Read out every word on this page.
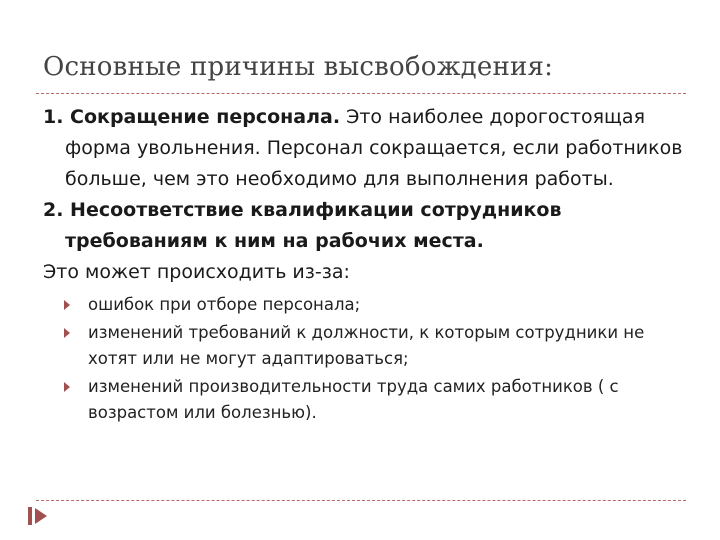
Основные причины высвобождения:

1. Сокращение персонала. Это наиболее дорогостоящая
форма увольнения. Персонал сокращается, если работников больше, чем это необходимо для выполнения работы.

2. Несоответствие квалификации сотрудников
требованиям к ним на рабочих места.

Это может происходить из-за:

ошибок при отборе персонала;
изменений требований к должности, к которым сотрудники не хотят или не могут адаптироваться;
изменений производительности труда самих работников ( с возрастом или болезнью).
